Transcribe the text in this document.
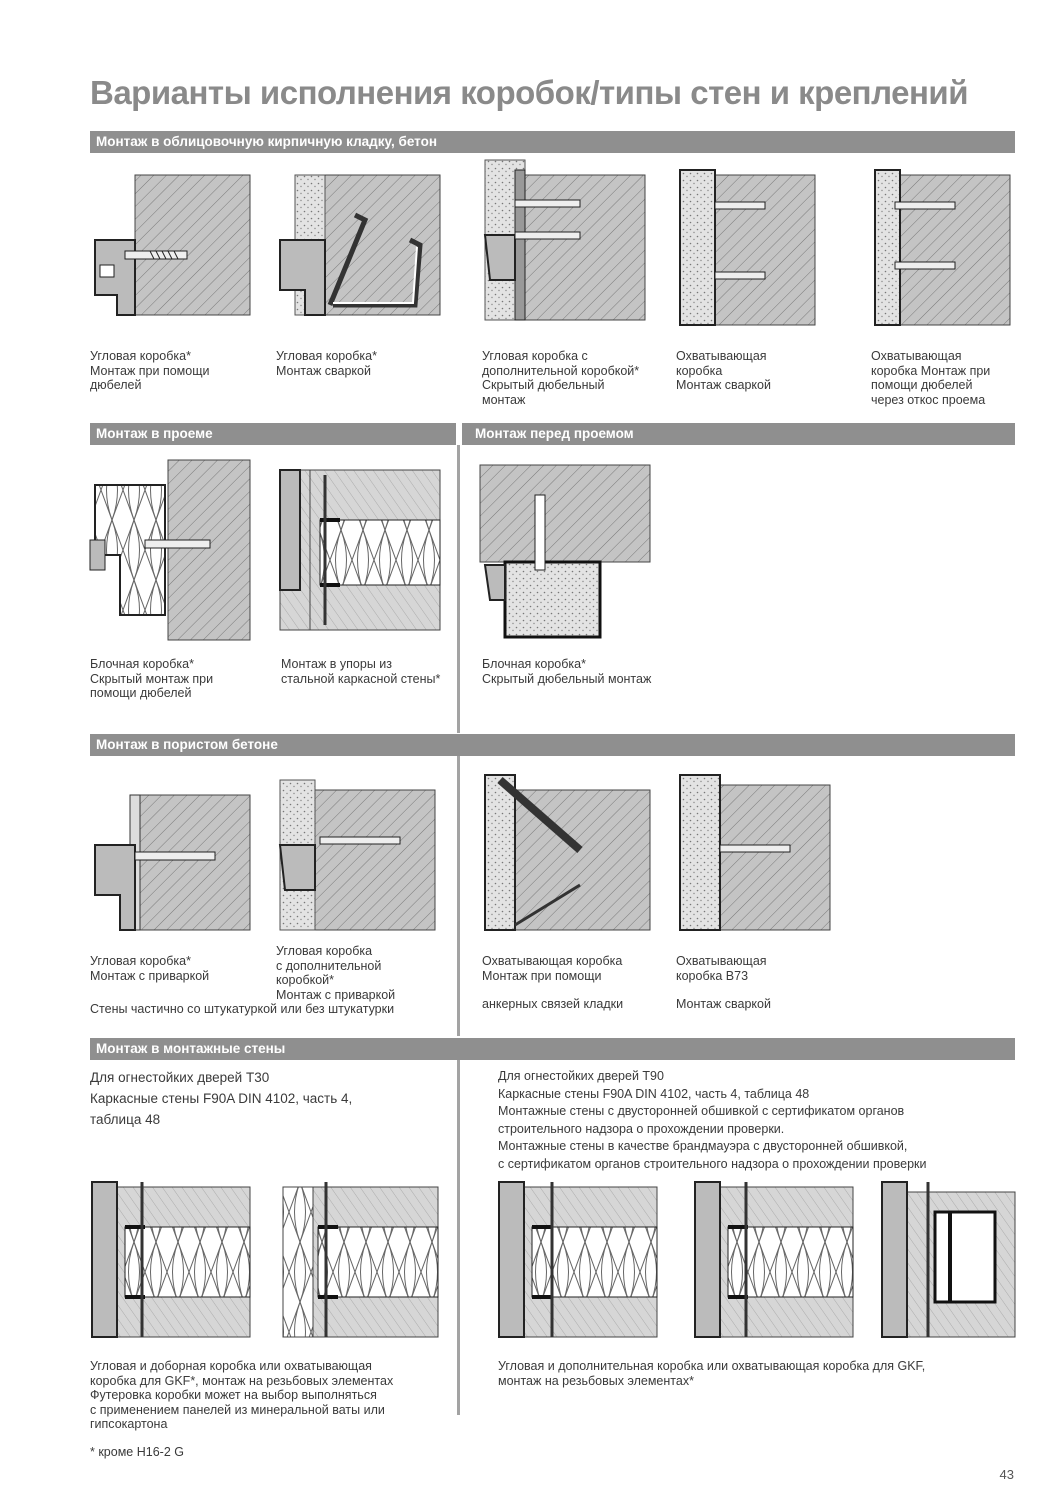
Варианты исполнения коробок/типы стен и креплений
Монтаж в облицовочную кирпичную кладку, бетон
Угловая коробка*
Монтаж при помощи
дюбелей
Угловая коробка*
Монтаж сваркой
Угловая коробка с
дополнительной коробкой*
Скрытый дюбельный
монтаж
Охватывающая
коробка
Монтаж сваркой
Охватывающая
коробка Монтаж при
помощи дюбелей
через откос проема
Монтаж в проеме	Монтаж перед проемом
Блочная коробка*
Скрытый монтаж при
помощи дюбелей
Монтаж в упоры из
стальной каркасной стены*
Блочная коробка*
Скрытый дюбельный монтаж
Монтаж в пористом бетоне
Угловая коробка*
Монтаж с приваркой
Угловая коробка
с дополнительной
коробкой*
Монтаж с приваркой
Стены частично со штукатуркой или без штукатурки
Охватывающая коробка
Монтаж при помощи
анкерных связей кладки
Охватывающая
коробка B73
Монтаж сваркой
Монтаж в монтажные стены
Для огнестойких дверей T30
Каркасные стены F90A DIN 4102, часть 4,
таблица 48
Для огнестойких дверей T90
Каркасные стены F90A DIN 4102, часть 4, таблица 48
Монтажные стены с двусторонней обшивкой с сертификатом органов
строительного надзора о прохождении проверки.
Монтажные стены в качестве брандмауэра с двусторонней обшивкой,
с сертификатом органов строительного надзора о прохождении проверки
Угловая и доборная коробка или охватывающая
коробка для GKF*, монтаж на резьбовых элементах
Футеровка коробки может на выбор выполняться
с применением панелей из минеральной ваты или
гипсокартона
Угловая и дополнительная коробка или охватывающая коробка для GKF,
монтаж на резьбовых элементах*
* кроме H16-2 G
43
